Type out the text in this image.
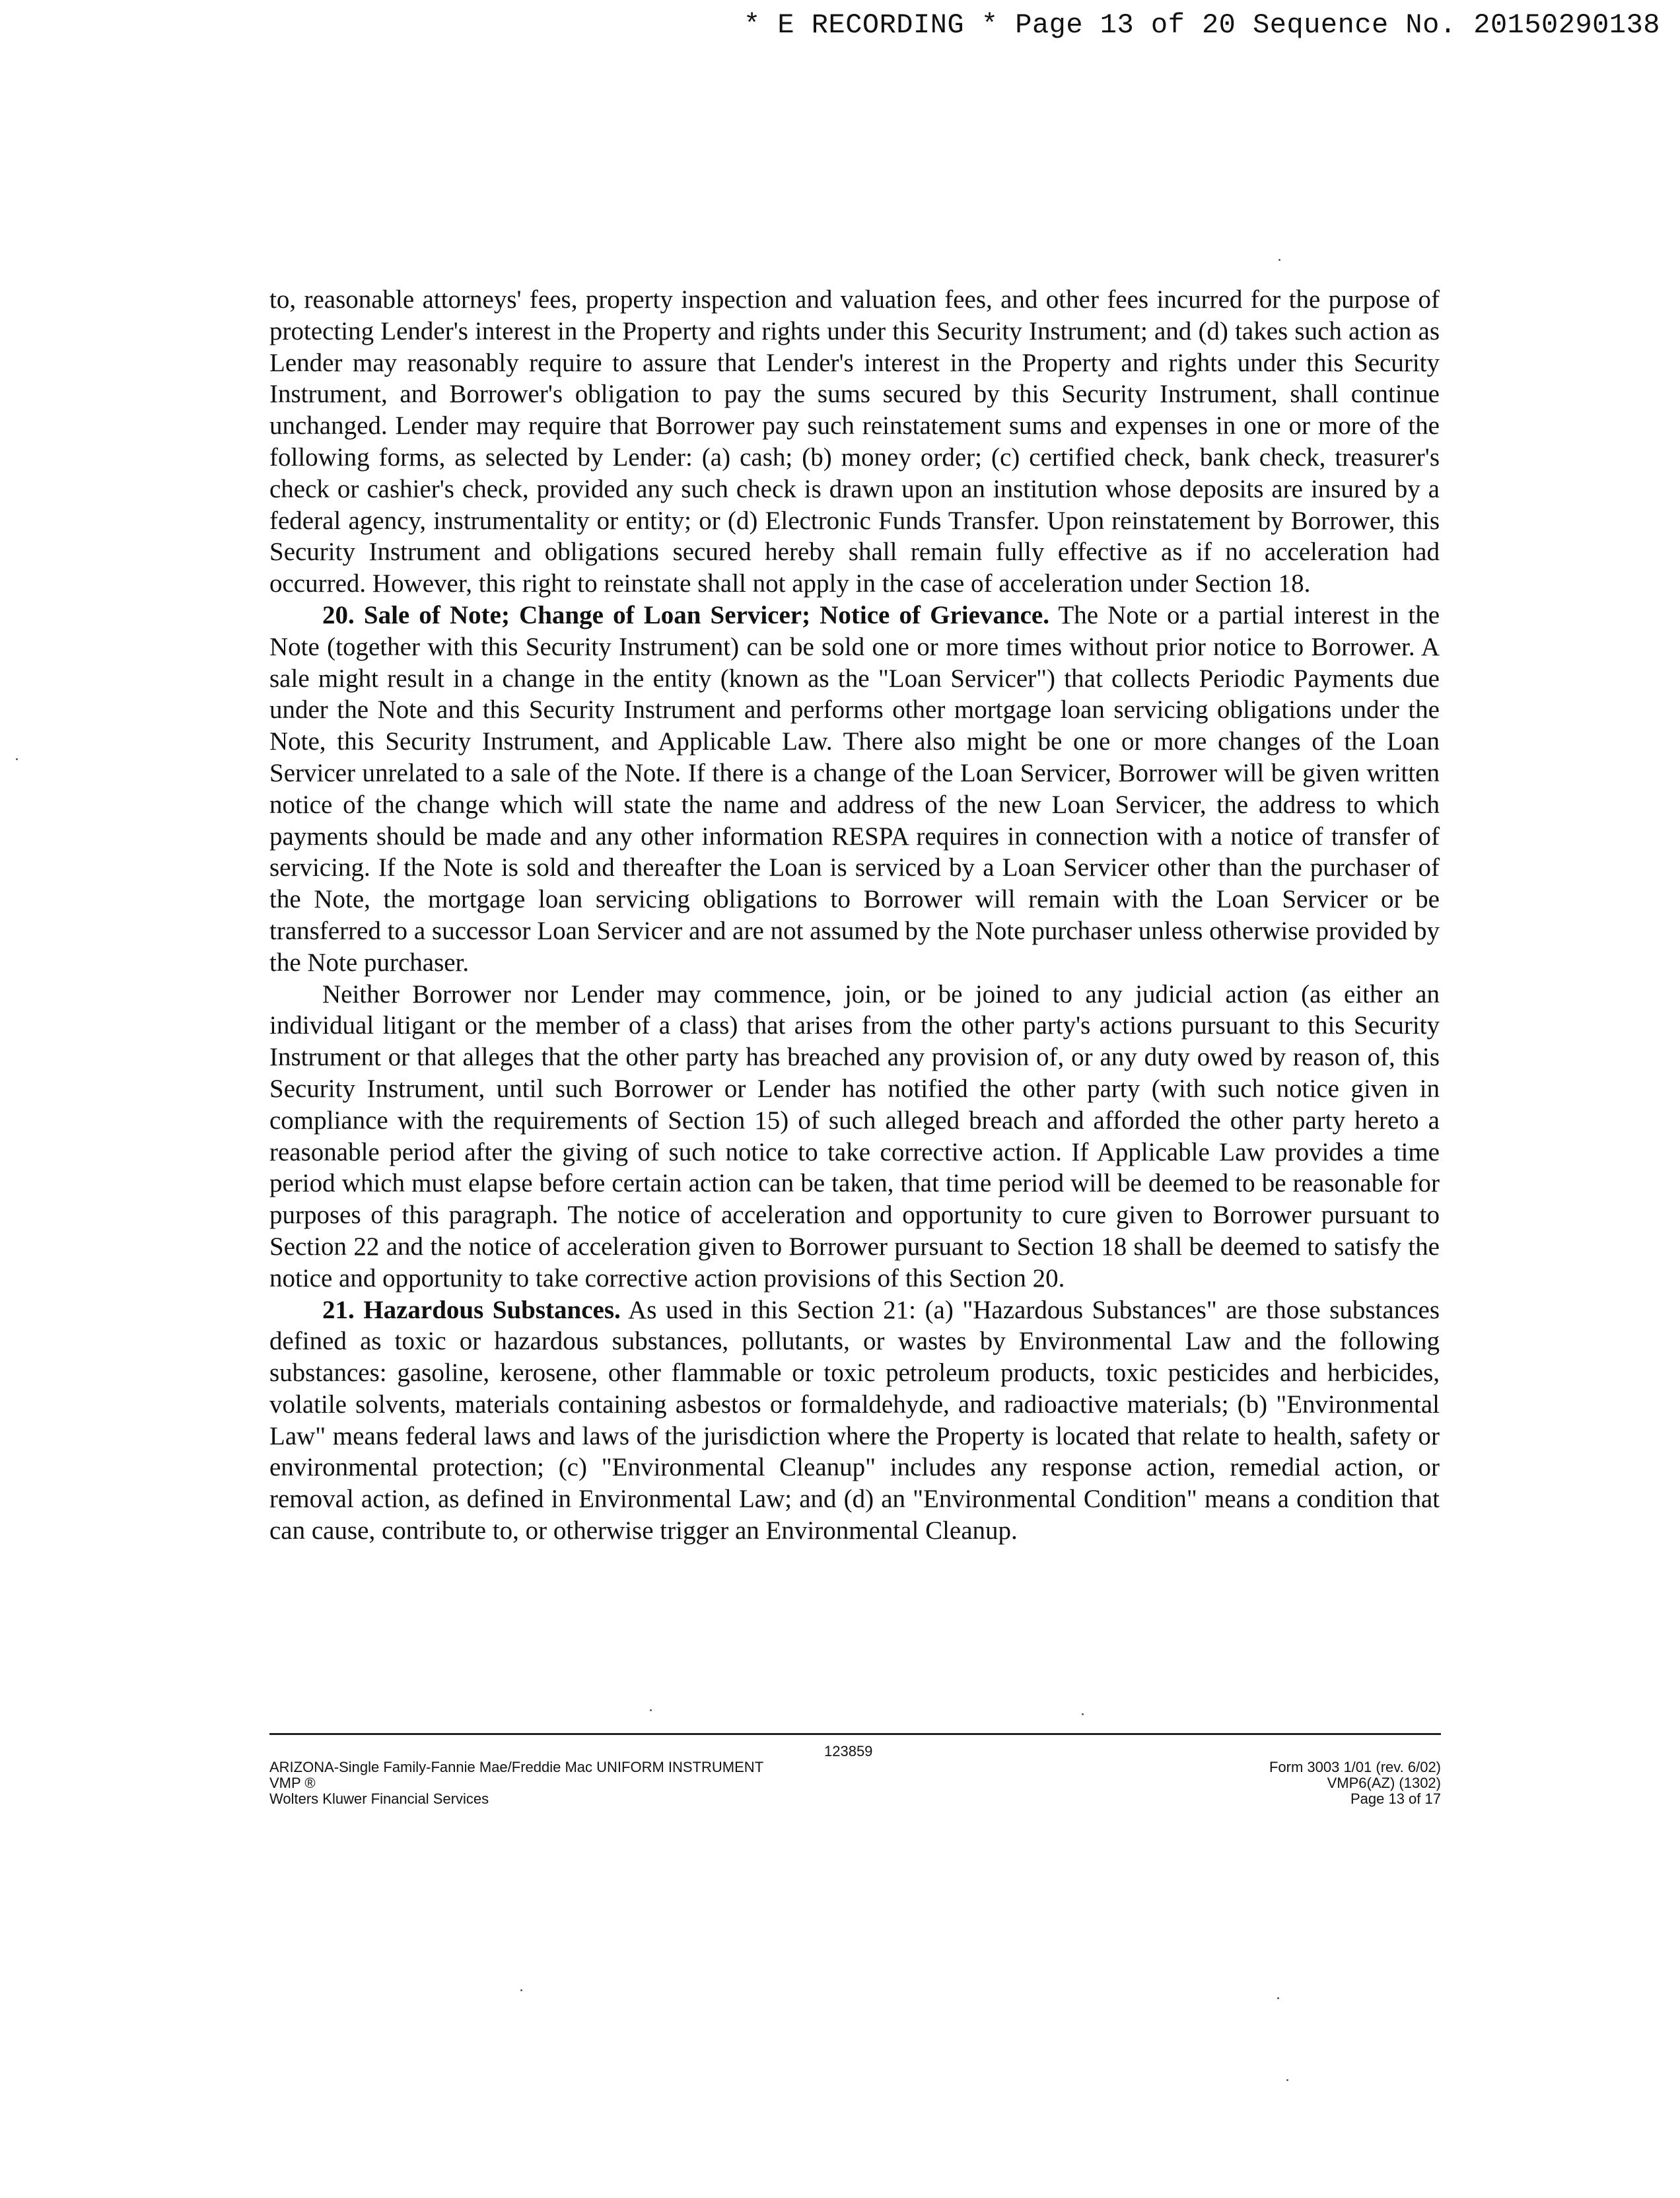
* E RECORDING * Page 13 of 20 Sequence No. 20150290138

to, reasonable attorneys' fees, property inspection and valuation fees, and other fees incurred for the purpose of protecting Lender's interest in the Property and rights under this Security Instrument; and (d) takes such action as Lender may reasonably require to assure that Lender's interest in the Property and rights under this Security Instrument, and Borrower's obligation to pay the sums secured by this Security Instrument, shall continue unchanged. Lender may require that Borrower pay such reinstatement sums and expenses in one or more of the following forms, as selected by Lender: (a) cash; (b) money order; (c) certified check, bank check, treasurer's check or cashier's check, provided any such check is drawn upon an institution whose deposits are insured by a federal agency, instrumentality or entity; or (d) Electronic Funds Transfer. Upon reinstatement by Borrower, this Security Instrument and obligations secured hereby shall remain fully effective as if no acceleration had occurred. However, this right to reinstate shall not apply in the case of acceleration under Section 18.

20. Sale of Note; Change of Loan Servicer; Notice of Grievance. The Note or a partial interest in the Note (together with this Security Instrument) can be sold one or more times without prior notice to Borrower. A sale might result in a change in the entity (known as the "Loan Servicer") that collects Periodic Payments due under the Note and this Security Instrument and performs other mortgage loan servicing obligations under the Note, this Security Instrument, and Applicable Law. There also might be one or more changes of the Loan Servicer unrelated to a sale of the Note. If there is a change of the Loan Servicer, Borrower will be given written notice of the change which will state the name and address of the new Loan Servicer, the address to which payments should be made and any other information RESPA requires in connection with a notice of transfer of servicing. If the Note is sold and thereafter the Loan is serviced by a Loan Servicer other than the purchaser of the Note, the mortgage loan servicing obligations to Borrower will remain with the Loan Servicer or be transferred to a successor Loan Servicer and are not assumed by the Note purchaser unless otherwise provided by the Note purchaser.

Neither Borrower nor Lender may commence, join, or be joined to any judicial action (as either an individual litigant or the member of a class) that arises from the other party's actions pursuant to this Security Instrument or that alleges that the other party has breached any provision of, or any duty owed by reason of, this Security Instrument, until such Borrower or Lender has notified the other party (with such notice given in compliance with the requirements of Section 15) of such alleged breach and afforded the other party hereto a reasonable period after the giving of such notice to take corrective action. If Applicable Law provides a time period which must elapse before certain action can be taken, that time period will be deemed to be reasonable for purposes of this paragraph. The notice of acceleration and opportunity to cure given to Borrower pursuant to Section 22 and the notice of acceleration given to Borrower pursuant to Section 18 shall be deemed to satisfy the notice and opportunity to take corrective action provisions of this Section 20.

21. Hazardous Substances. As used in this Section 21: (a) "Hazardous Substances" are those substances defined as toxic or hazardous substances, pollutants, or wastes by Environmental Law and the following substances: gasoline, kerosene, other flammable or toxic petroleum products, toxic pesticides and herbicides, volatile solvents, materials containing asbestos or formaldehyde, and radioactive materials; (b) "Environmental Law" means federal laws and laws of the jurisdiction where the Property is located that relate to health, safety or environmental protection; (c) "Environmental Cleanup" includes any response action, remedial action, or removal action, as defined in Environmental Law; and (d) an "Environmental Condition" means a condition that can cause, contribute to, or otherwise trigger an Environmental Cleanup.

123859
ARIZONA-Single Family-Fannie Mae/Freddie Mac UNIFORM INSTRUMENT
VMP ®
Wolters Kluwer Financial Services
Form 3003 1/01 (rev. 6/02)
VMP6(AZ) (1302)
Page 13 of 17
